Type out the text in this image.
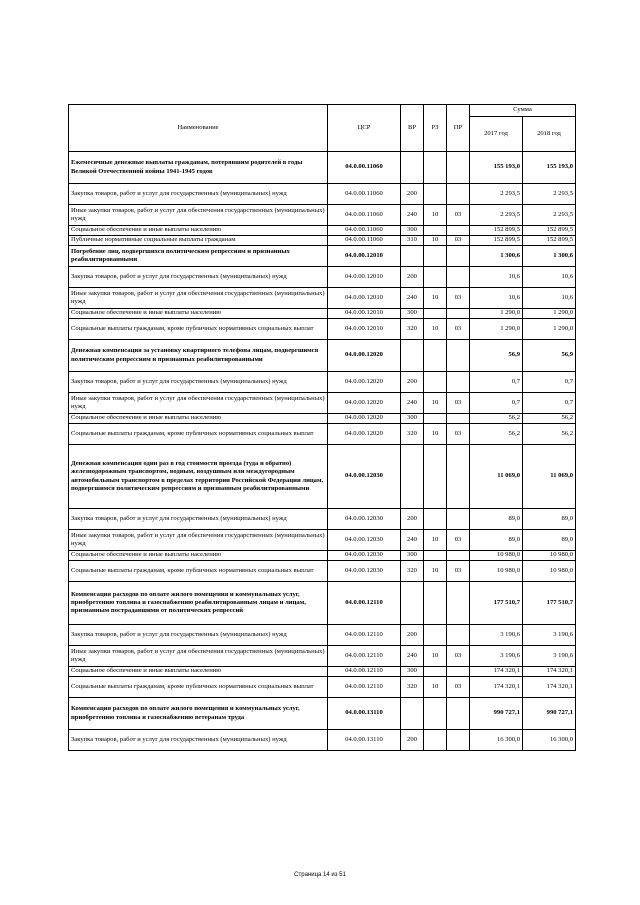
Наименование	ЦСР	ВР	РЗ	ПР	Сумма	
					2017 год	2018 год
Ежемесячные денежные выплаты гражданам, потерявшим родителей в годы Великой Отечественной войны 1941-1945 годов	04.0.00.11060				155 193,0	155 193,0
Закупка товаров, работ и услуг для государственных (муниципальных) нужд	04.0.00.11060	200			2 293,5	2 293,5
Иные закупки товаров, работ и услуг для обеспечения государственных (муниципальных) нужд	04.0.00.11060	240	10	03	2 293,5	2 293,5
Социальное обеспечение и иные выплаты населению	04.0.00.11060	300			152 899,5	152 899,5
Публичные нормативные социальные выплаты гражданам	04.0.00.11060	310	10	03	152 899,5	152 899,5
Погребение лиц, подвергшихся политическим репрессиям и признанных реабилитированными	04.0.00.12010				1 300,6	1 300,6
Закупка товаров, работ и услуг для государственных (муниципальных) нужд	04.0.00.12010	200			10,6	10,6
Иные закупки товаров, работ и услуг для обеспечения государственных (муниципальных) нужд	04.0.00.12010	240	10	03	10,6	10,6
Социальное обеспечение и иные выплаты населению	04.0.00.12010	300			1 290,0	1 290,0
Социальные выплаты гражданам, кроме публичных нормативных социальных выплат	04.0.00.12010	320	10	03	1 290,0	1 290,0
Денежная компенсация за установку квартирного телефона лицам, подвергшимся политическим репрессиям и признанных реабилитированными	04.0.00.12020				56,9	56,9
Закупка товаров, работ и услуг для государственных (муниципальных) нужд	04.0.00.12020	200			0,7	0,7
Иные закупки товаров, работ и услуг для обеспечения государственных (муниципальных) нужд	04.0.00.12020	240	10	03	0,7	0,7
Социальное обеспечение и иные выплаты населению	04.0.00.12020	300			56,2	56,2
Социальные выплаты гражданам, кроме публичных нормативных социальных выплат	04.0.00.12020	320	10	03	56,2	56,2
Денежная компенсация один раз в год стоимости проезда (туда и обратно) железнодорожным транспортом, водным, воздушным или междугородным автомобильным транспортом в пределах территории Российской Федерации лицам, подвергшимся политическим репрессиям и признанным реабилитированными	04.0.00.12030				11 069,0	11 069,0
Закупка товаров, работ и услуг для государственных (муниципальных) нужд	04.0.00.12030	200			89,0	89,0
Иные закупки товаров, работ и услуг для обеспечения государственных (муниципальных) нужд	04.0.00.12030	240	10	03	89,0	89,0
Социальное обеспечение и иные выплаты населению	04.0.00.12030	300			10 980,0	10 980,0
Социальные выплаты гражданам, кроме публичных нормативных социальных выплат	04.0.00.12030	320	10	03	10 980,0	10 980,0
Компенсация расходов по оплате жилого помещения и коммунальных услуг, приобретению топлива и газоснабжению реабилитированным лицам и лицам, признанным пострадавшими от политических репрессий	04.0.00.12110				177 510,7	177 510,7
Закупка товаров, работ и услуг для государственных (муниципальных) нужд	04.0.00.12110	200			3 190,6	3 190,6
Иные закупки товаров, работ и услуг для обеспечения государственных (муниципальных) нужд	04.0.00.12110	240	10	03	3 190,6	3 190,6
Социальное обеспечение и иные выплаты населению	04.0.00.12110	300			174 320,1	174 320,1
Социальные выплаты гражданам, кроме публичных нормативных социальных выплат	04.0.00.12110	320	10	03	174 320,1	174 320,1
Компенсация расходов по оплате жилого помещения и коммунальных услуг, приобретению топлива и газоснабжению ветеранам труда	04.0.00.13110				990 727,1	990 727,1
Закупка товаров, работ и услуг для государственных (муниципальных) нужд	04.0.00.13110	200			16 300,0	16 300,0
Страница 14 из 51
